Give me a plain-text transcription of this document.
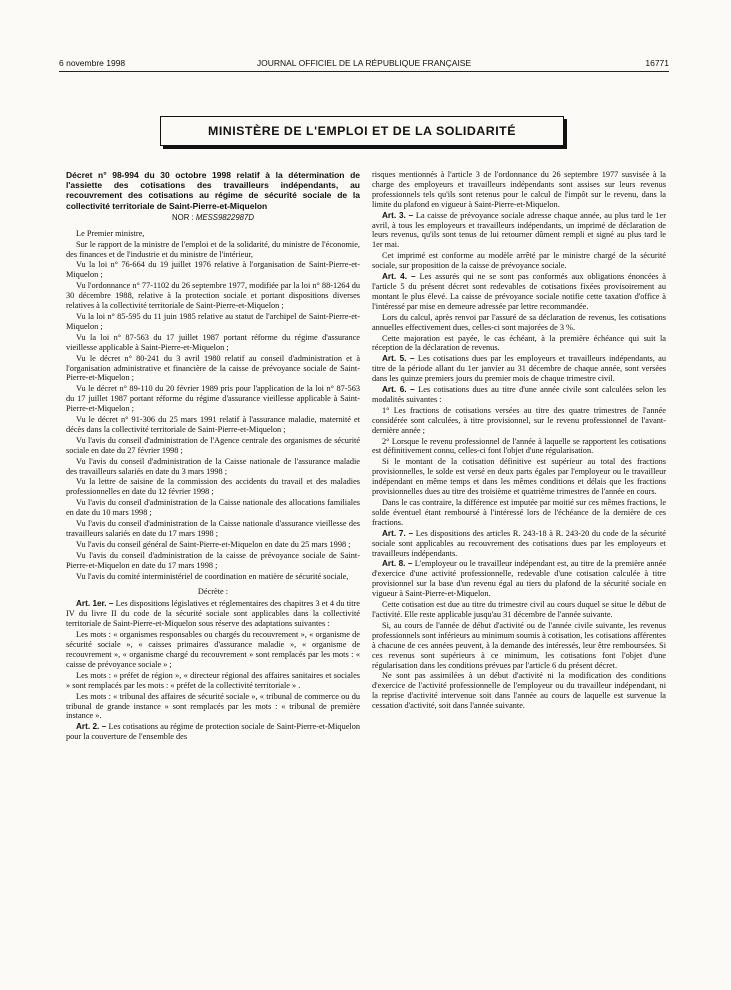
6 novembre 1998	JOURNAL OFFICIEL DE LA RÉPUBLIQUE FRANÇAISE	16771
MINISTÈRE DE L'EMPLOI ET DE LA SOLIDARITÉ

Décret n° 98-994 du 30 octobre 1998 relatif à la détermination de l'assiette des cotisations des travailleurs indépendants, au recouvrement des cotisations au régime de sécurité sociale de la collectivité territoriale de Saint-Pierre-et-Miquelon

NOR : MESS9822987D

Le Premier ministre,

Sur le rapport de la ministre de l'emploi et de la solidarité, du ministre de l'économie, des finances et de l'industrie et du ministre de l'intérieur,

Vu la loi n° 76-664 du 19 juillet 1976 relative à l'organisation de Saint-Pierre-et-Miquelon ;

Vu l'ordonnance n° 77-1102 du 26 septembre 1977, modifiée par la loi n° 88-1264 du 30 décembre 1988, relative à la protection sociale et portant dispositions diverses relatives à la collectivité territoriale de Saint-Pierre-et-Miquelon ;

Vu la loi n° 85-595 du 11 juin 1985 relative au statut de l'archipel de Saint-Pierre-et-Miquelon ;

Vu la loi n° 87-563 du 17 juillet 1987 portant réforme du régime d'assurance vieillesse applicable à Saint-Pierre-et-Miquelon ;

Vu le décret n° 80-241 du 3 avril 1980 relatif au conseil d'administration et à l'organisation administrative et financière de la caisse de prévoyance sociale de Saint-Pierre-et-Miquelon ;

Vu le décret n° 89-110 du 20 février 1989 pris pour l'application de la loi n° 87-563 du 17 juillet 1987 portant réforme du régime d'assurance vieillesse applicable à Saint-Pierre-et-Miquelon ;

Vu le décret n° 91-306 du 25 mars 1991 relatif à l'assurance maladie, maternité et décès dans la collectivité territoriale de Saint-Pierre-et-Miquelon ;

Vu l'avis du conseil d'administration de l'Agence centrale des organismes de sécurité sociale en date du 27 février 1998 ;

Vu l'avis du conseil d'administration de la Caisse nationale de l'assurance maladie des travailleurs salariés en date du 3 mars 1998 ;

Vu la lettre de saisine de la commission des accidents du travail et des maladies professionnelles en date du 12 février 1998 ;

Vu l'avis du conseil d'administration de la Caisse nationale des allocations familiales en date du 10 mars 1998 ;

Vu l'avis du conseil d'administration de la Caisse nationale d'assurance vieillesse des travailleurs salariés en date du 17 mars 1998 ;

Vu l'avis du conseil général de Saint-Pierre-et-Miquelon en date du 25 mars 1998 ;

Vu l'avis du conseil d'administration de la caisse de prévoyance sociale de Saint-Pierre-et-Miquelon en date du 17 mars 1998 ;

Vu l'avis du comité interministériel de coordination en matière de sécurité sociale,

Décrète :

Art. 1er. – Les dispositions législatives et réglementaires des chapitres 3 et 4 du titre IV du livre II du code de la sécurité sociale sont applicables dans la collectivité territoriale de Saint-Pierre-et-Miquelon sous réserve des adaptations suivantes :

Les mots : « organismes responsables ou chargés du recouvrement », « organisme de sécurité sociale », « caisses primaires d'assurance maladie », « organisme de recouvrement », « organisme chargé du recouvrement » sont remplacés par les mots : « caisse de prévoyance sociale » ;

Les mots : « préfet de région », « directeur régional des affaires sanitaires et sociales » sont remplacés par les mots : « préfet de la collectivité territoriale » .

Les mots : « tribunal des affaires de sécurité sociale », « tribunal de commerce ou du tribunal de grande instance » sont remplacés par les mots : « tribunal de première instance ».

Art. 2. – Les cotisations au régime de protection sociale de Saint-Pierre-et-Miquelon pour la couverture de l'ensemble des

risques mentionnés à l'article 3 de l'ordonnance du 26 septembre 1977 susvisée à la charge des employeurs et travailleurs indépendants sont assises sur leurs revenus professionnels tels qu'ils sont retenus pour le calcul de l'impôt sur le revenu, dans la limite du plafond en vigueur à Saint-Pierre-et-Miquelon.

Art. 3. – La caisse de prévoyance sociale adresse chaque année, au plus tard le 1er avril, à tous les employeurs et travailleurs indépendants, un imprimé de déclaration de leurs revenus, qu'ils sont tenus de lui retourner dûment rempli et signé au plus tard le 1er mai.

Cet imprimé est conforme au modèle arrêté par le ministre chargé de la sécurité sociale, sur proposition de la caisse de prévoyance sociale.

Art. 4. – Les assurés qui ne se sont pas conformés aux obligations énoncées à l'article 5 du présent décret sont redevables de cotisations fixées provisoirement au montant le plus élevé. La caisse de prévoyance sociale notifie cette taxation d'office à l'intéressé par mise en demeure adressée par lettre recommandée.

Lors du calcul, après renvoi par l'assuré de sa déclaration de revenus, les cotisations annuelles effectivement dues, celles-ci sont majorées de 3 %.

Cette majoration est payée, le cas échéant, à la première échéance qui suit la réception de la déclaration de revenus.

Art. 5. – Les cotisations dues par les employeurs et travailleurs indépendants, au titre de la période allant du 1er janvier au 31 décembre de chaque année, sont versées dans les quinze premiers jours du premier mois de chaque trimestre civil.

Art. 6. – Les cotisations dues au titre d'une année civile sont calculées selon les modalités suivantes :

1° Les fractions de cotisations versées au titre des quatre trimestres de l'année considérée sont calculées, à titre provisionnel, sur le revenu professionnel de l'avant-dernière année ;

2° Lorsque le revenu professionnel de l'année à laquelle se rapportent les cotisations est définitivement connu, celles-ci font l'objet d'une régularisation.

Si le montant de la cotisation définitive est supérieur au total des fractions provisionnelles, le solde est versé en deux parts égales par l'employeur ou le travailleur indépendant en même temps et dans les mêmes conditions et délais que les fractions provisionnelles dues au titre des troisième et quatrième trimestres de l'année en cours.

Dans le cas contraire, la différence est imputée par moitié sur ces mêmes fractions, le solde éventuel étant remboursé à l'intéressé lors de l'échéance de la dernière de ces fractions.

Art. 7. – Les dispositions des articles R. 243-18 à R. 243-20 du code de la sécurité sociale sont applicables au recouvrement des cotisations dues par les employeurs et travailleurs indépendants.

Art. 8. – L'employeur ou le travailleur indépendant est, au titre de la première année d'exercice d'une activité professionnelle, redevable d'une cotisation calculée à titre provisionnel sur la base d'un revenu égal au tiers du plafond de la sécurité sociale en vigueur à Saint-Pierre-et-Miquelon.

Cette cotisation est due au titre du trimestre civil au cours duquel se situe le début de l'activité. Elle reste applicable jusqu'au 31 décembre de l'année suivante.

Si, au cours de l'année de début d'activité ou de l'année civile suivante, les revenus professionnels sont inférieurs au minimum soumis à cotisation, les cotisations afférentes à chacune de ces années peuvent, à la demande des intéressés, leur être remboursées. Si ces revenus sont supérieurs à ce minimum, les cotisations font l'objet d'une régularisation dans les conditions prévues par l'article 6 du présent décret.

Ne sont pas assimilées à un début d'activité ni la modification des conditions d'exercice de l'activité professionnelle de l'employeur ou du travailleur indépendant, ni la reprise d'activité intervenue soit dans l'année au cours de laquelle est survenue la cessation d'activité, soit dans l'année suivante.
